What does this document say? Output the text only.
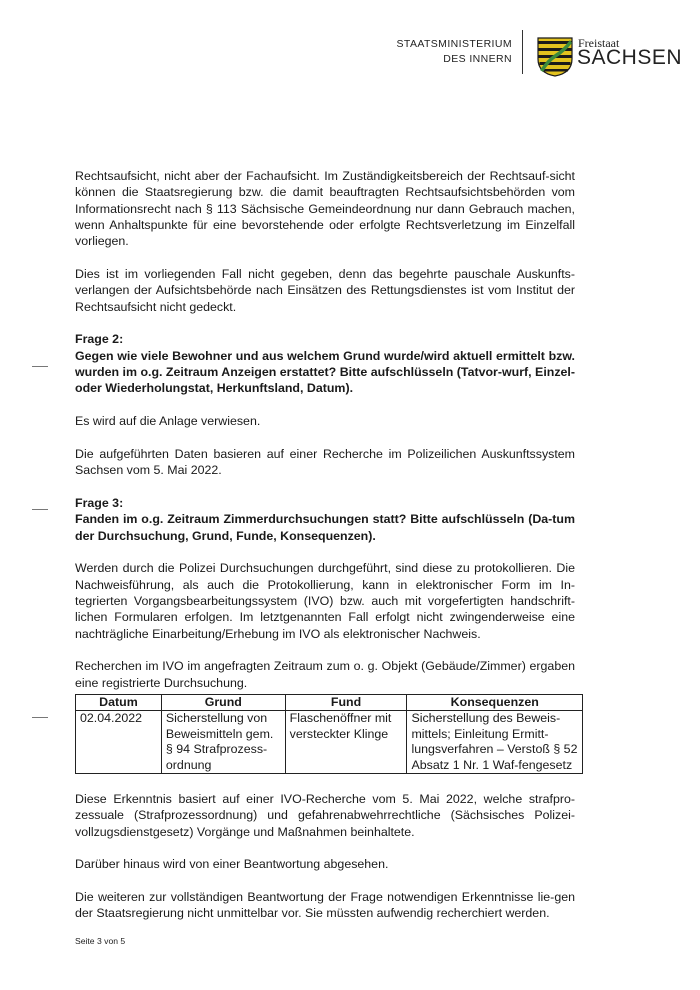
STAATSMINISTERIUM
DES INNERN
Freistaat
SACHSEN

Rechtsaufsicht, nicht aber der Fachaufsicht. Im Zuständigkeitsbereich der Rechtsauf-sicht können die Staatsregierung bzw. die damit beauftragten Rechtsaufsichtsbehörden vom Informationsrecht nach § 113 Sächsische Gemeindeordnung nur dann Gebrauch machen, wenn Anhaltspunkte für eine bevorstehende oder erfolgte Rechtsverletzung im Einzelfall vorliegen.

Dies ist im vorliegenden Fall nicht gegeben, denn das begehrte pauschale Auskunfts-verlangen der Aufsichtsbehörde nach Einsätzen des Rettungsdienstes ist vom Institut der Rechtsaufsicht nicht gedeckt.

Frage 2:

Gegen wie viele Bewohner und aus welchem Grund wurde/wird aktuell ermittelt bzw. wurden im o.g. Zeitraum Anzeigen erstattet? Bitte aufschlüsseln (Tatvor-wurf, Einzel- oder Wiederholungstat, Herkunftsland, Datum).

Es wird auf die Anlage verwiesen.

Die aufgeführten Daten basieren auf einer Recherche im Polizeilichen Auskunftssystem Sachsen vom 5. Mai 2022.

Frage 3:

Fanden im o.g. Zeitraum Zimmerdurchsuchungen statt? Bitte aufschlüsseln (Da-tum der Durchsuchung, Grund, Funde, Konsequenzen).

Werden durch die Polizei Durchsuchungen durchgeführt, sind diese zu protokollieren. Die Nachweisführung, als auch die Protokollierung, kann in elektronischer Form im In-tegrierten Vorgangsbearbeitungssystem (IVO) bzw. auch mit vorgefertigten handschrift-lichen Formularen erfolgen. Im letztgenannten Fall erfolgt nicht zwingenderweise eine nachträgliche Einarbeitung/Erhebung im IVO als elektronischer Nachweis.

Recherchen im IVO im angefragten Zeitraum zum o. g. Objekt (Gebäude/Zimmer) ergaben eine registrierte Durchsuchung.

Datum	Grund	Fund	Konsequenzen
02.04.2022	Sicherstellung von Beweismitteln gem. § 94 Strafprozess-ordnung	Flaschenöffner mit versteckter Klinge	Sicherstellung des Beweis-mittels; Einleitung Ermitt-lungsverfahren – Verstoß § 52 Absatz 1 Nr. 1 Waf-fengesetz

Diese Erkenntnis basiert auf einer IVO-Recherche vom 5. Mai 2022, welche strafpro-zessuale (Strafprozessordnung) und gefahrenabwehrrechtliche (Sächsisches Polizei-vollzugsdienstgesetz) Vorgänge und Maßnahmen beinhaltete.

Darüber hinaus wird von einer Beantwortung abgesehen.

Die weiteren zur vollständigen Beantwortung der Frage notwendigen Erkenntnisse lie-gen der Staatsregierung nicht unmittelbar vor. Sie müssten aufwendig recherchiert werden.

Seite 3 von 5
